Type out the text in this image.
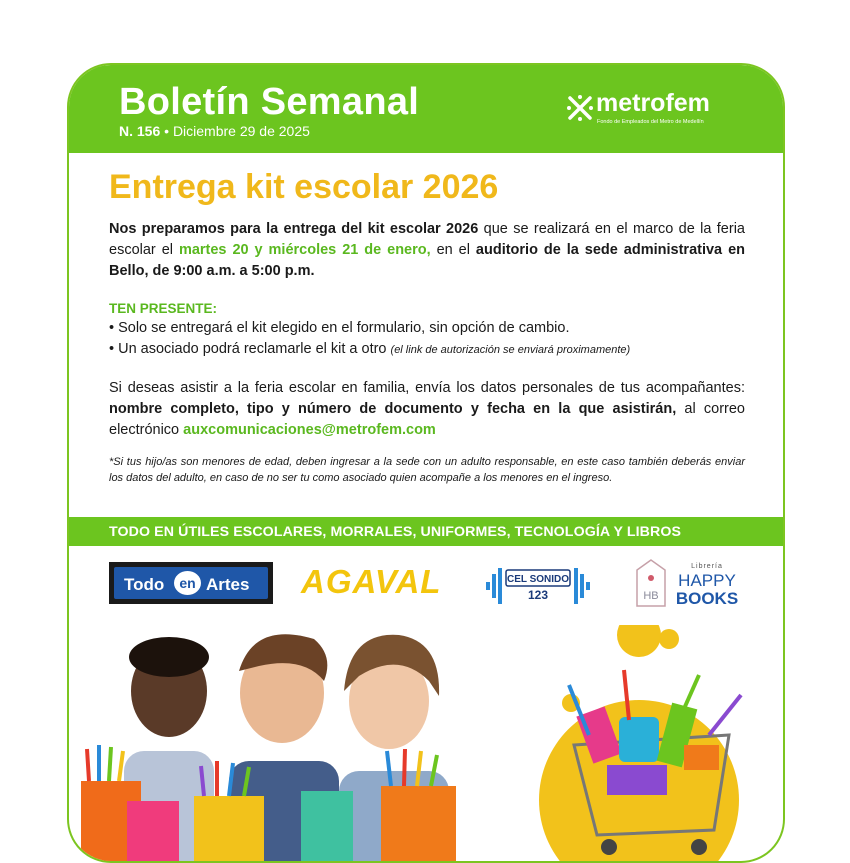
Boletín Semanal
N. 156 • Diciembre 29 de 2025
metrofem
Fondo de Empleados del Metro de Medellín
Entrega kit escolar 2026
Nos preparamos para la entrega del kit escolar 2026 que se realizará en el marco de la feria escolar el martes 20 y miércoles 21 de enero, en el auditorio de la sede administrativa en Bello, de 9:00 a.m. a 5:00 p.m.
TEN PRESENTE:
• Solo se entregará el kit elegido en el formulario, sin opción de cambio.
• Un asociado podrá reclamarle el kit a otro (el link de autorización se enviará proximamente)
Si deseas asistir a la feria escolar en familia, envía los datos personales de tus acompañantes: nombre completo, tipo y número de documento y fecha en la que asistirán, al correo electrónico auxcomunicaciones@metrofem.com
*Si tus hijo/as son menores de edad, deben ingresar a la sede con un adulto responsable, en este caso también deberás enviar los datos del adulto, en caso de no ser tu como asociado quien acompañe a los menores en el ingreso.
TODO EN ÚTILES ESCOLARES, MORRALES, UNIFORMES, TECNOLOGÍA Y LIBROS
Todo	en Artes AGAVAL	CEL SONIDO
123	HB
Librería
HAPPY
BOOKS
